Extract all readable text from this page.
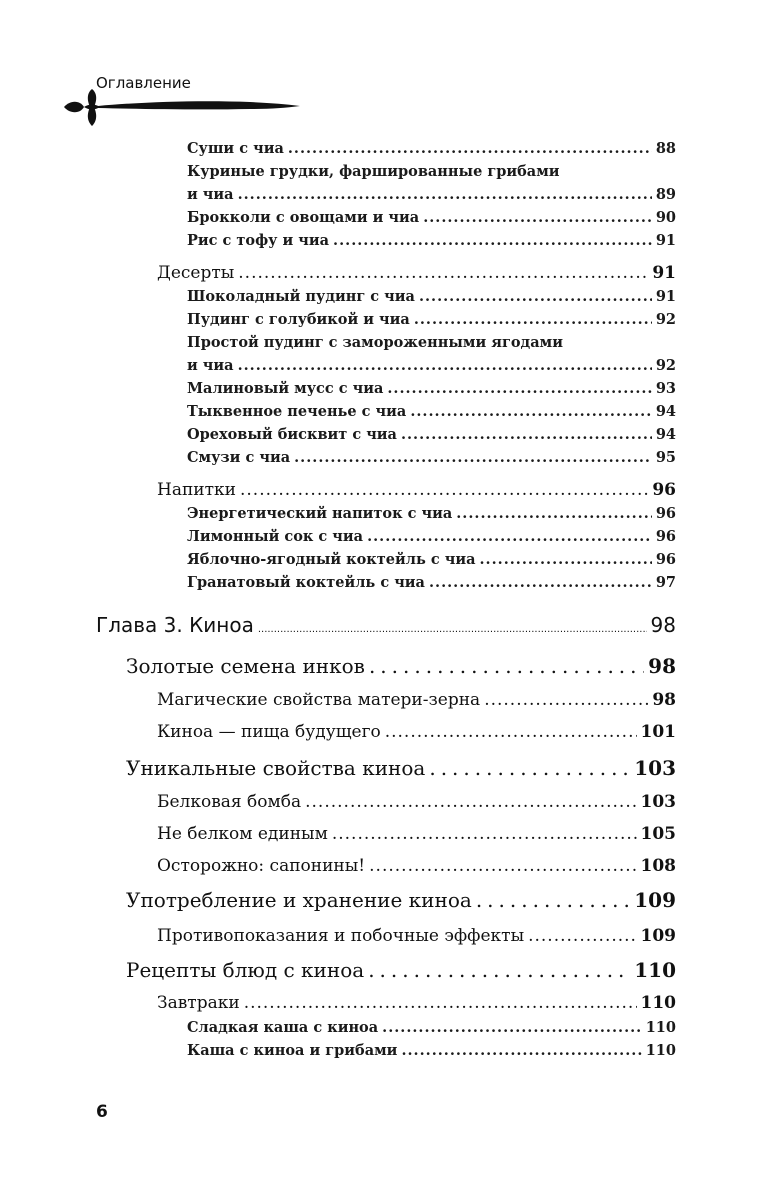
Оглавление
Суши с чиа .....	88
Куриные грудки, фаршированные грибами
и чиа .....	89
Брокколи с овощами и чиа .....	90
Рис с тофу и чиа .....	91
Десерты .....	91
Шоколадный пудинг с чиа .....	91
Пудинг с голубикой и чиа .....	92
Простой пудинг с замороженными ягодами
и чиа .....	92
Малиновый мусс с чиа .....	93
Тыквенное печенье с чиа .....	94
Ореховый бисквит с чиа .....	94
Смузи с чиа .....	95
Напитки .....	96
Энергетический напиток с чиа .....	96
Лимонный сок с чиа .....	96
Яблочно-ягодный коктейль с чиа .....	96
Гранатовый коктейль с чиа .....	97
Глава 3. Киноа .....	98
Золотые семена инков .....	98
Магические свойства матери-зерна .....	98
Киноа — пища будущего .....	101
Уникальные свойства киноа .....	103
Белковая бомба .....	103
Не белком единым .....	105
Осторожно: сапонины! .....	108
Употребление и хранение киноа .....	109
Противопоказания и побочные эффекты .....	109
Рецепты блюд с киноа .....	110
Завтраки .....	110
Сладкая каша с киноа .....	110
Каша с киноа и грибами .....	110
6
